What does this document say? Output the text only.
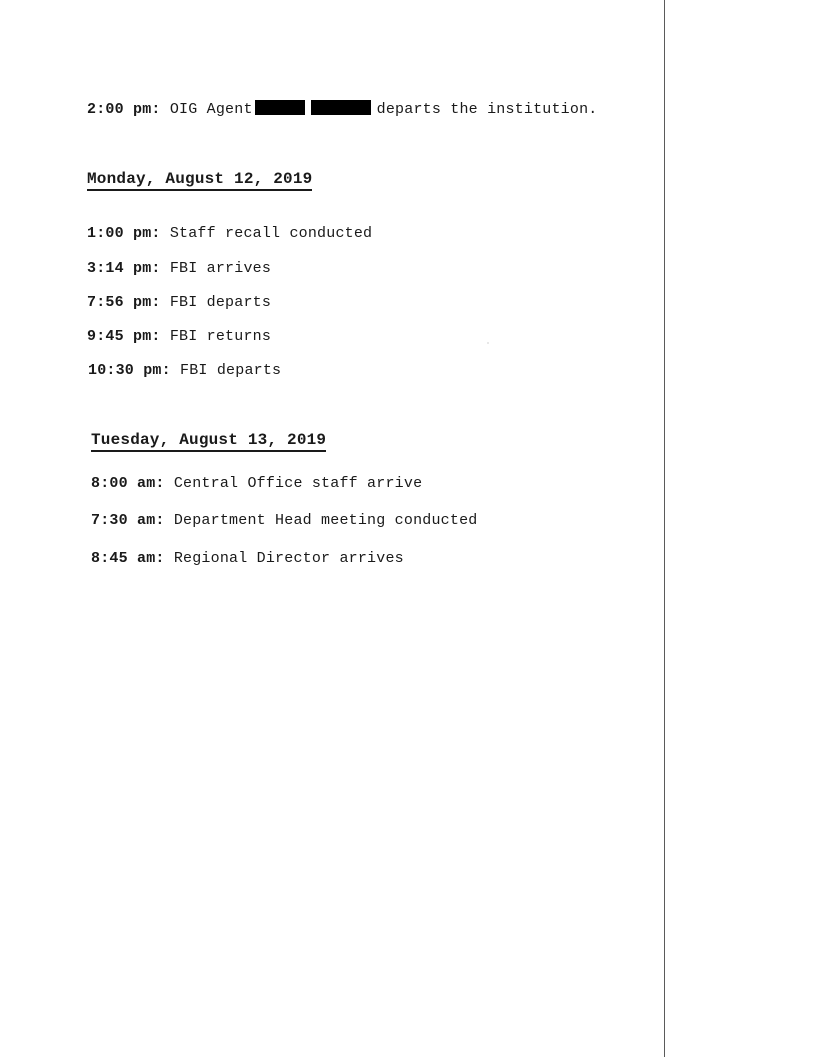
2:00 pm: OIG Agent	departs the institution.
Monday, August 12, 2019
1:00 pm: Staff recall conducted
3:14 pm: FBI arrives
7:56 pm: FBI departs
9:45 pm: FBI returns
10:30 pm: FBI departs
Tuesday, August 13, 2019
8:00 am: Central Office staff arrive
7:30 am: Department Head meeting conducted
8:45 am: Regional Director arrives
